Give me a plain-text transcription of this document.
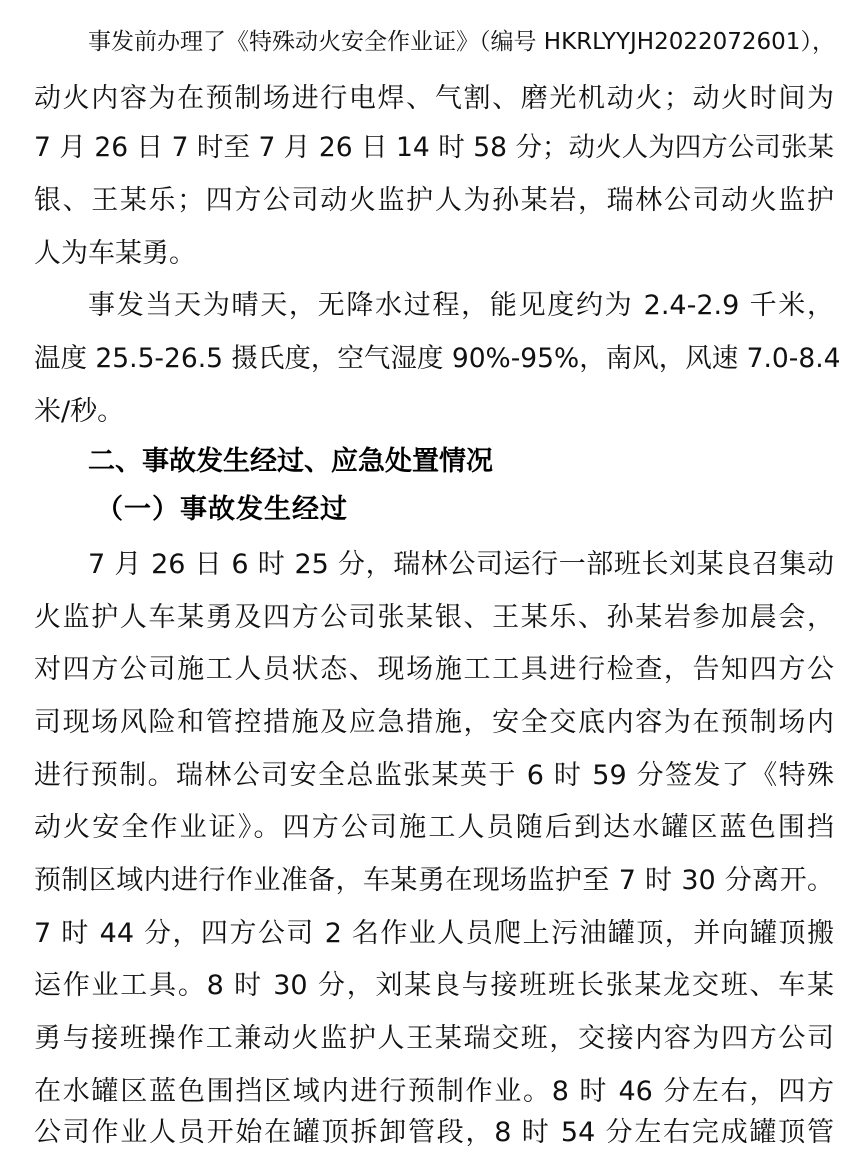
事发前办理了《特殊动火安全作业证》（编号 HKRLYYJH2022072601），
动火内容为在预制场进行电焊、气割、磨光机动火；动火时间为
7 月 26 日 7 时至 7 月 26 日 14 时 58 分；动火人为四方公司张某
银、王某乐；四方公司动火监护人为孙某岩，瑞林公司动火监护
人为车某勇。
事发当天为晴天，无降水过程，能见度约为 2.4-2.9 千米，
温度 25.5-26.5 摄氏度，空气湿度 90%-95%，南风，风速 7.0-8.4
米/秒。
二、事故发生经过、应急处置情况
（一）事故发生经过
7 月 26 日 6 时 25 分，瑞林公司运行一部班长刘某良召集动
火监护人车某勇及四方公司张某银、王某乐、孙某岩参加晨会，
对四方公司施工人员状态、现场施工工具进行检查，告知四方公
司现场风险和管控措施及应急措施，安全交底内容为在预制场内
进行预制。瑞林公司安全总监张某英于 6 时 59 分签发了《特殊
动火安全作业证》。四方公司施工人员随后到达水罐区蓝色围挡
预制区域内进行作业准备，车某勇在现场监护至 7 时 30 分离开。
7 时 44 分，四方公司 2 名作业人员爬上污油罐顶，并向罐顶搬
运作业工具。8 时 30 分，刘某良与接班班长张某龙交班、车某
勇与接班操作工兼动火监护人王某瑞交班，交接内容为四方公司
在水罐区蓝色围挡区域内进行预制作业。8 时 46 分左右，四方
公司作业人员开始在罐顶拆卸管段，8 时 54 分左右完成罐顶管
